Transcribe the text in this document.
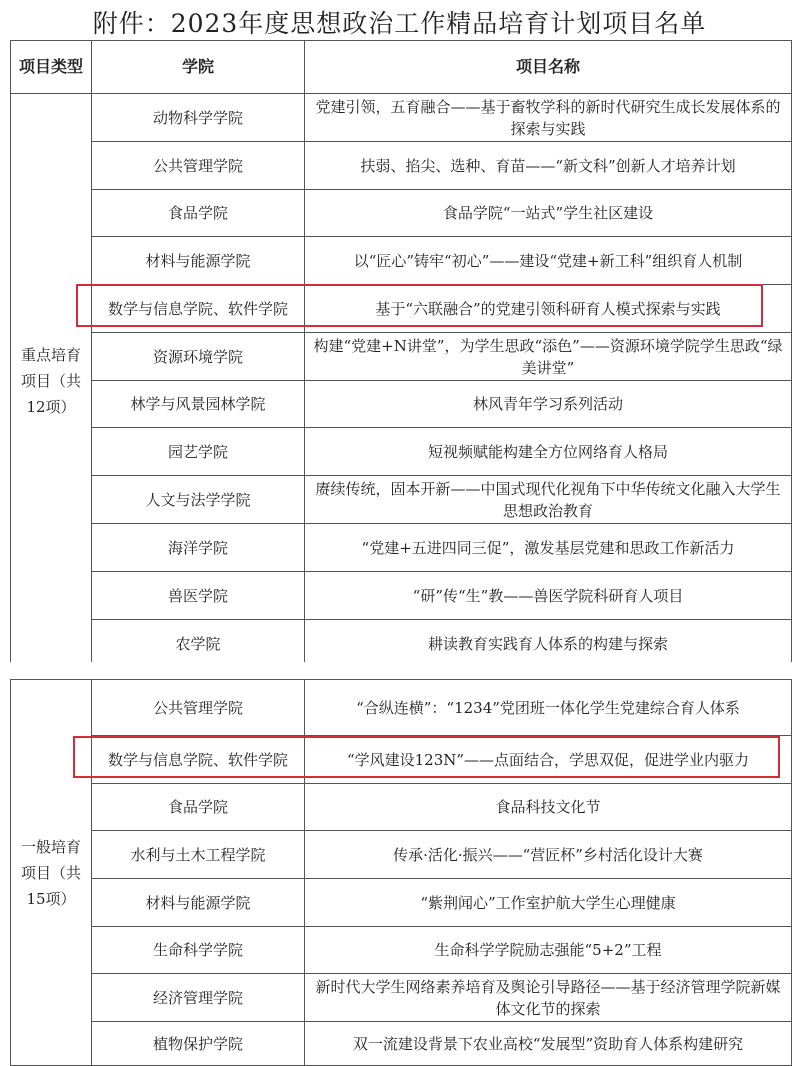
附件：2023年度思想政治工作精品培育计划项目名单
项目类型	学院	项目名称
重点培育项目（共12项）	动物科学学院	党建引领，五育融合——基于畜牧学科的新时代研究生成长发展体系的探索与实践
	公共管理学院	扶弱、掐尖、选种、育苗——“新文科”创新人才培养计划
	食品学院	食品学院“一站式”学生社区建设
	材料与能源学院	以“匠心”铸牢“初心”——建设“党建+新工科”组织育人机制
	数学与信息学院、软件学院	基于“六联融合”的党建引领科研育人模式探索与实践
	资源环境学院	构建“党建+N讲堂”，为学生思政“添色”——资源环境学院学生思政“绿美讲堂”
	林学与风景园林学院	林风青年学习系列活动
	园艺学院	短视频赋能构建全方位网络育人格局
	人文与法学学院	赓续传统，固本开新——中国式现代化视角下中华传统文化融入大学生思想政治教育
	海洋学院	“党建+五进四同三促”，激发基层党建和思政工作新活力
	兽医学院	“研”传“生”教——兽医学院科研育人项目
	农学院	耕读教育实践育人体系的构建与探索
一般培育项目（共15项）	公共管理学院	“合纵连横”：“1234”党团班一体化学生党建综合育人体系
	数学与信息学院、软件学院	“学风建设123N”——点面结合，学思双促，促进学业内驱力
	食品学院	食品科技文化节
	水利与土木工程学院	传承·活化·振兴——“营匠杯”乡村活化设计大赛
	材料与能源学院	“紫荆闻心”工作室护航大学生心理健康
	生命科学学院	生命科学学院励志强能“5+2”工程
	经济管理学院	新时代大学生网络素养培育及舆论引导路径——基于经济管理学院新媒体文化节的探索
	植物保护学院	双一流建设背景下农业高校“发展型”资助育人体系构建研究
